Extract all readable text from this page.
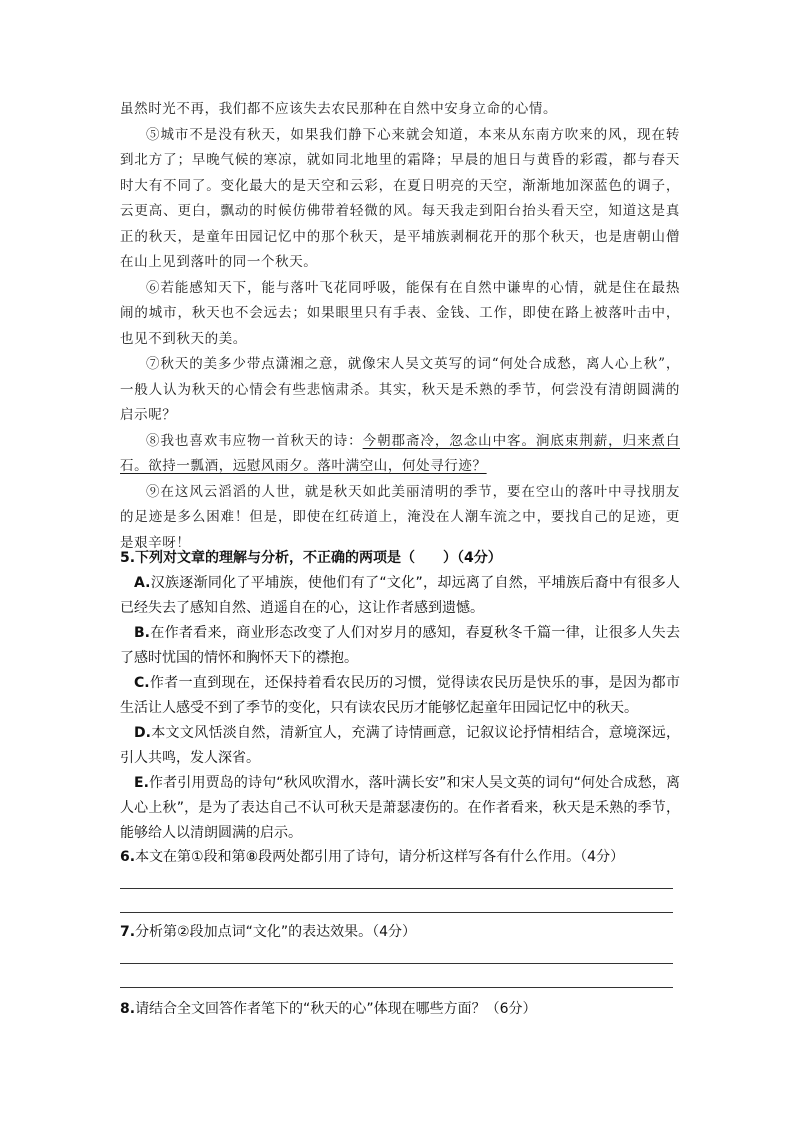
虽然时光不再，我们都不应该失去农民那种在自然中安身立命的心情。

⑤城市不是没有秋天，如果我们静下心来就会知道，本来从东南方吹来的风，现在转到北方了；早晚气候的寒凉，就如同北地里的霜降；早晨的旭日与黄昏的彩霞，都与春天时大有不同了。变化最大的是天空和云彩，在夏日明亮的天空，渐渐地加深蓝色的调子，云更高、更白，飘动的时候仿佛带着轻微的风。每天我走到阳台抬头看天空，知道这是真正的秋天，是童年田园记忆中的那个秋天，是平埔族剥桐花开的那个秋天，也是唐朝山僧在山上见到落叶的同一个秋天。

⑥若能感知天下，能与落叶飞花同呼吸，能保有在自然中谦卑的心情，就是住在最热闹的城市，秋天也不会远去；如果眼里只有手表、金钱、工作，即使在路上被落叶击中，也见不到秋天的美。

⑦秋天的美多少带点潇湘之意，就像宋人吴文英写的词“何处合成愁，离人心上秋”，一般人认为秋天的心情会有些悲恼肃杀。其实，秋天是禾熟的季节，何尝没有清朗圆满的启示呢？

⑧我也喜欢韦应物一首秋天的诗：今朝郡斋冷，忽念山中客。涧底束荆薪，归来煮白石。欲持一瓢酒，远慰风雨夕。落叶满空山，何处寻行迹？

⑨在这风云滔滔的人世，就是秋天如此美丽清明的季节，要在空山的落叶中寻找朋友的足迹是多么困难！但是，即使在红砖道上，淹没在人潮车流之中，要找自己的足迹，更是艰辛呀！

5.下列对文章的理解与分析，不正确的两项是（　　）（4分）

A.汉族逐渐同化了平埔族，使他们有了“文化”，却远离了自然，平埔族后裔中有很多人已经失去了感知自然、逍遥自在的心，这让作者感到遗憾。

B.在作者看来，商业形态改变了人们对岁月的感知，春夏秋冬千篇一律，让很多人失去了感时忧国的情怀和胸怀天下的襟抱。

C.作者一直到现在，还保持着看农民历的习惯，觉得读农民历是快乐的事，是因为都市生活让人感受不到了季节的变化，只有读农民历才能够忆起童年田园记忆中的秋天。

D.本文文风恬淡自然，清新宜人，充满了诗情画意，记叙议论抒情相结合，意境深远，引人共鸣，发人深省。

E.作者引用贾岛的诗句“秋风吹渭水，落叶满长安”和宋人吴文英的词句“何处合成愁，离人心上秋”，是为了表达自己不认可秋天是萧瑟凄伤的。在作者看来，秋天是禾熟的季节，能够给人以清朗圆满的启示。

6.本文在第①段和第⑧段两处都引用了诗句，请分析这样写各有什么作用。（4分）

7.分析第②段加点词“文化”的表达效果。（4分）

8.请结合全文回答作者笔下的“秋天的心”体现在哪些方面？（6分）
